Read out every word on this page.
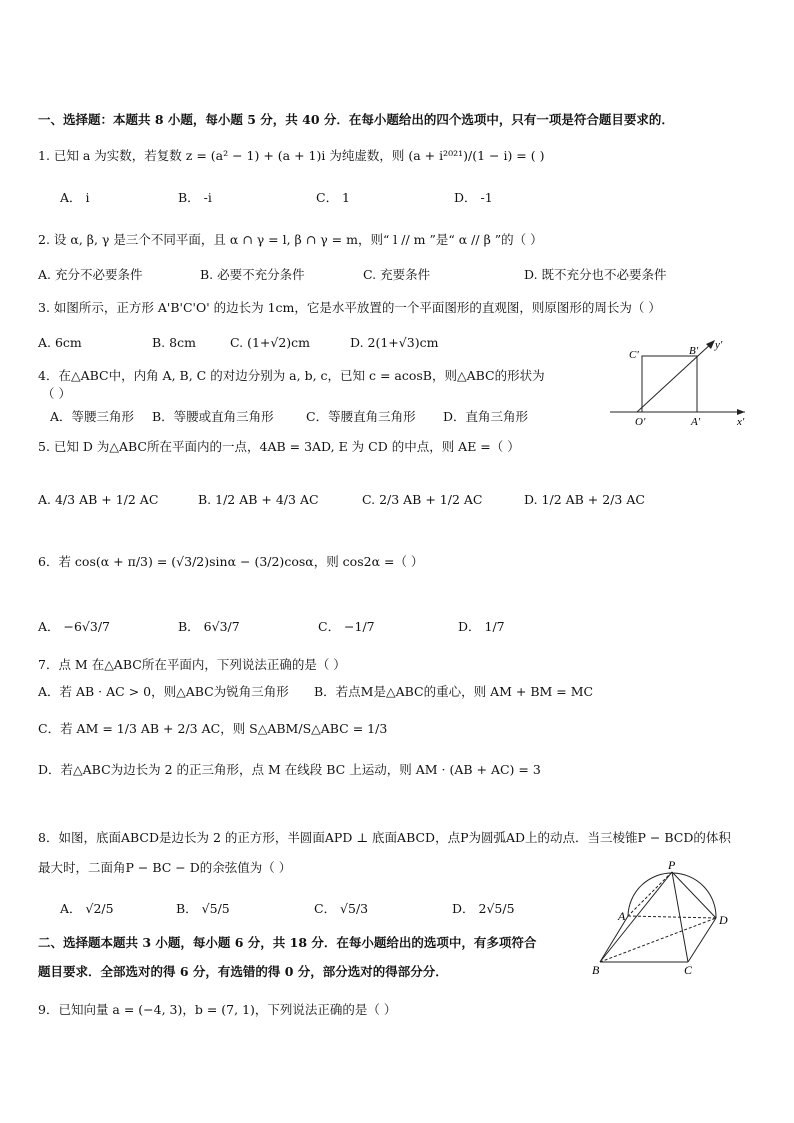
一、选择题：本题共 8 小题，每小题 5 分，共 40 分．在每小题给出的四个选项中，只有一项是符合题目要求的．
1. 已知 a 为实数，若复数 z = (a² − 1) + (a + 1)i 为纯虚数，则 (a + i²⁰²¹)/(1 − i) = ( )
A． i	B． -i	C． 1	D． -1
2. 设 α, β, γ 是三个不同平面，且 α ∩ γ = l, β ∩ γ = m，则“ l // m ”是“ α // β ”的（ ）
A. 充分不必要条件	B. 必要不充分条件	C. 充要条件	D. 既不充分也不必要条件
3. 如图所示，正方形 A'B'C'O' 的边长为 1cm，它是水平放置的一个平面图形的直观图，则原图形的周长为（ ）
A. 6cm	B. 8cm	C. (1+√2)cm	D. 2(1+√3)cm
C'	B' y'
O'	A'	x'
4．在△ABC中，内角 A, B, C 的对边分别为 a, b, c，已知 c = acosB，则△ABC的形状为
（ ）
A．等腰三角形 B．等腰或直角三角形	C．等腰直角三角形 D．直角三角形
5. 已知 D 为△ABC所在平面内的一点，4AB = 3AD, E 为 CD 的中点，则 AE =（ ）
A. 4/3 AB + 1/2 AC	B. 1/2 AB + 4/3 AC	C. 2/3 AB + 1/2 AC	D. 1/2 AB + 2/3 AC
6．若 cos(α + π/3) = (√3/2)sinα − (3/2)cosα，则 cos2α =（ ）
A． −6√3/7	B． 6√3/7	C． −1/7	D． 1/7
7．点 M 在△ABC所在平面内，下列说法正确的是（ ）
A．若 AB · AC > 0，则△ABC为锐角三角形 B．若点M是△ABC的重心，则 AM + BM = MC
C．若 AM = 1/3 AB + 2/3 AC，则 S△ABM/S△ABC = 1/3
D．若△ABC为边长为 2 的正三角形，点 M 在线段 BC 上运动，则 AM · (AB + AC) = 3
8．如图，底面ABCD是边长为 2 的正方形，半圆面APD ⊥ 底面ABCD，点P为圆弧AD上的动点．当三棱锥P − BCD的体积
最大时，二面角P − BC − D的余弦值为（ ）
A． √2/5	B． √5/5	C． √5/3	D． 2√5/5
P
A	D
B	C
二、选择题本题共 3 小题，每小题 6 分，共 18 分．在每小题给出的选项中，有多项符合
题目要求．全部选对的得 6 分，有选错的得 0 分，部分选对的得部分分．
9．已知向量 a = (−4, 3)，b = (7, 1)，下列说法正确的是（ ）
